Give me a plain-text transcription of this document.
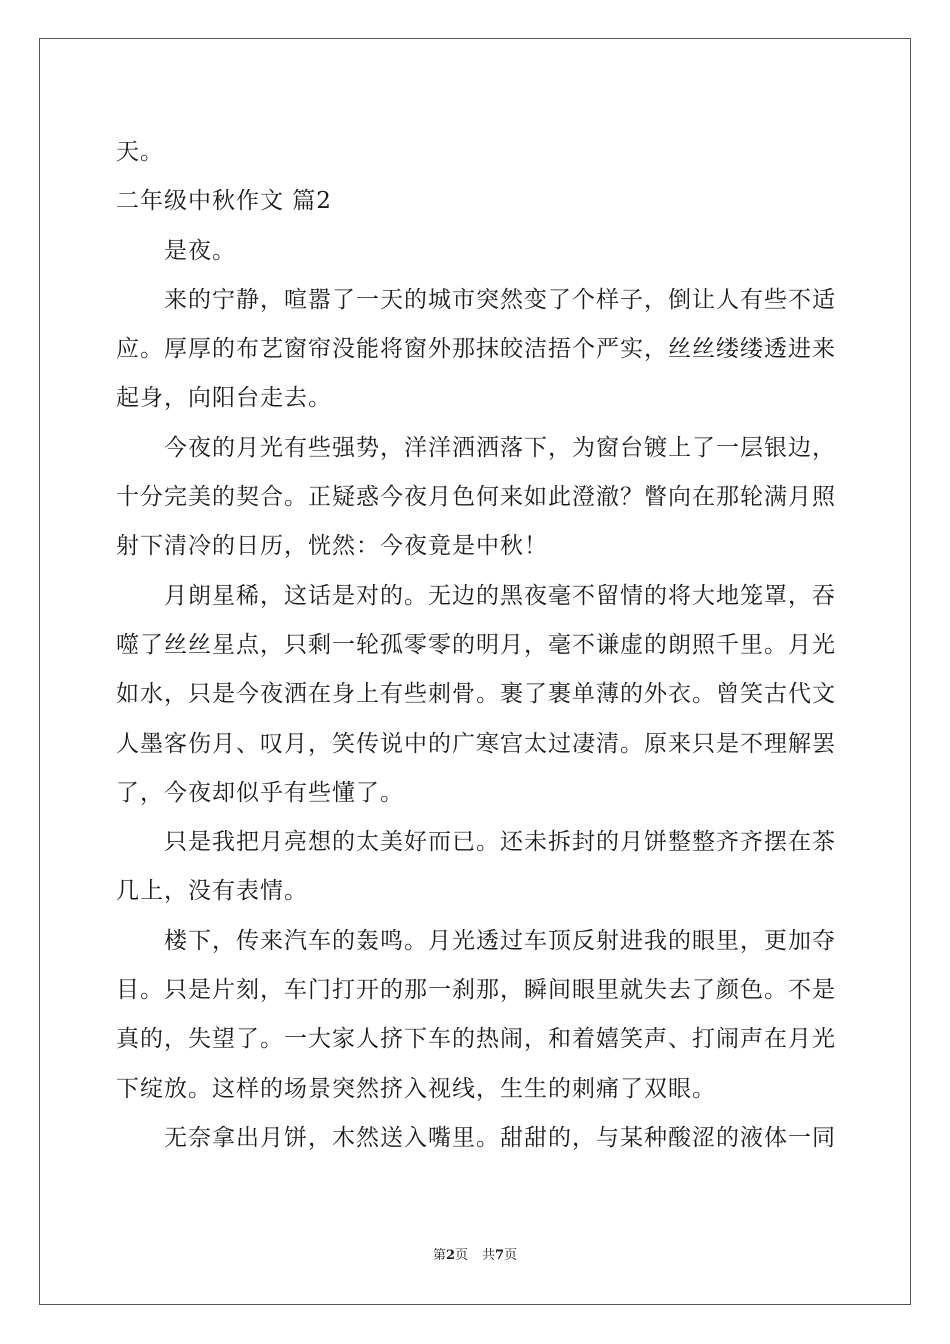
天。
二年级中秋作文 篇2
是夜。
来的宁静，喧嚣了一天的城市突然变了个样子，倒让人有些不适
应。厚厚的布艺窗帘没能将窗外那抹皎洁捂个严实，丝丝缕缕透进来
起身，向阳台走去。
今夜的月光有些强势，洋洋洒洒落下，为窗台镀上了一层银边，
十分完美的契合。正疑惑今夜月色何来如此澄澈？瞥向在那轮满月照
射下清冷的日历，恍然：今夜竟是中秋！
月朗星稀，这话是对的。无边的黑夜毫不留情的将大地笼罩，吞
噬了丝丝星点，只剩一轮孤零零的明月，毫不谦虚的朗照千里。月光
如水，只是今夜洒在身上有些刺骨。裹了裹单薄的外衣。曾笑古代文
人墨客伤月、叹月，笑传说中的广寒宫太过凄清。原来只是不理解罢
了，今夜却似乎有些懂了。
只是我把月亮想的太美好而已。还未拆封的月饼整整齐齐摆在茶
几上，没有表情。
楼下，传来汽车的轰鸣。月光透过车顶反射进我的眼里，更加夺
目。只是片刻，车门打开的那一刹那，瞬间眼里就失去了颜色。不是
真的，失望了。一大家人挤下车的热闹，和着嬉笑声、打闹声在月光
下绽放。这样的场景突然挤入视线，生生的刺痛了双眼。
无奈拿出月饼，木然送入嘴里。甜甜的，与某种酸涩的液体一同
第2页 共7页
